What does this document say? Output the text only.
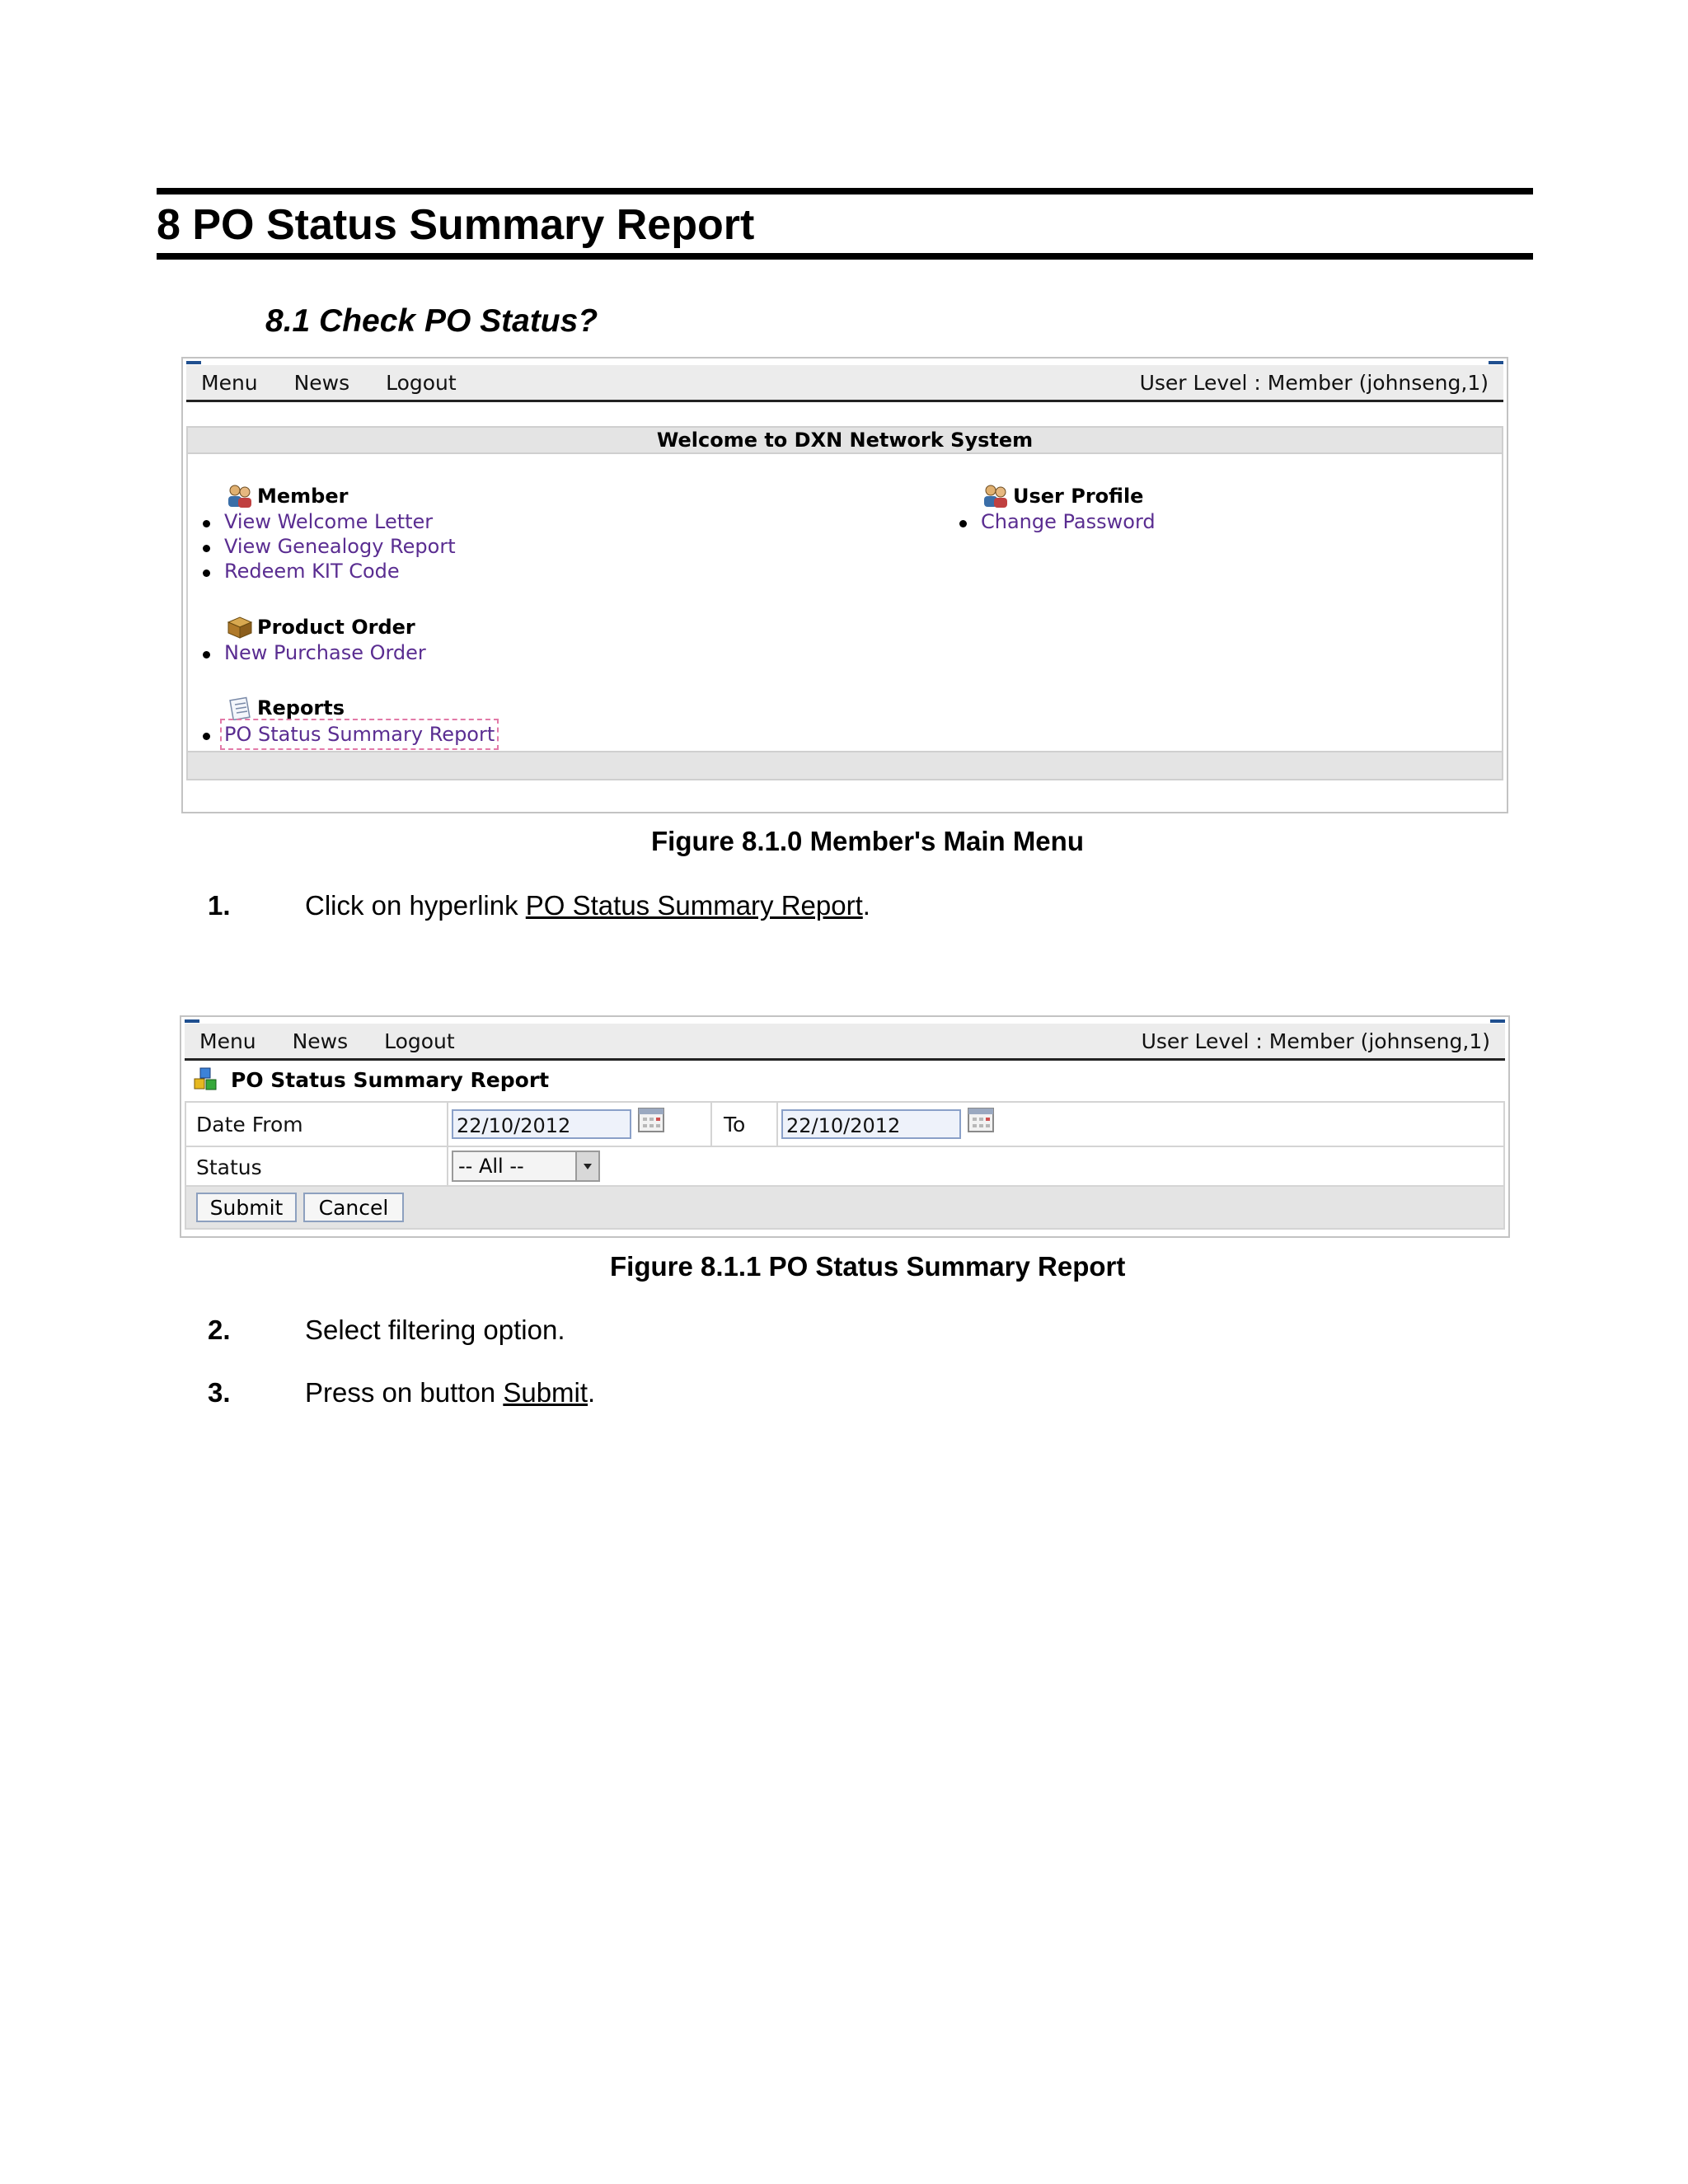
8 PO Status Summary Report
8.1 Check PO Status?
Menu News Logout	User Level : Member (johnseng,1)
Welcome to DXN Network System
Member
View Welcome Letter
View Genealogy Report
Redeem KIT Code
Product Order
New Purchase Order
Reports
PO Status Summary Report
User Profile
Change Password
Figure 8.1.0 Member's Main Menu
1.	Click on hyperlink PO Status Summary Report.
Menu News Logout	User Level : Member (johnseng,1)
PO Status Summary Report
Date From	22/10/2012	To 22/10/2012
Status	-- All --
Submit	Cancel
Figure 8.1.1 PO Status Summary Report
2.	Select filtering option.
3.	Press on button Submit.
